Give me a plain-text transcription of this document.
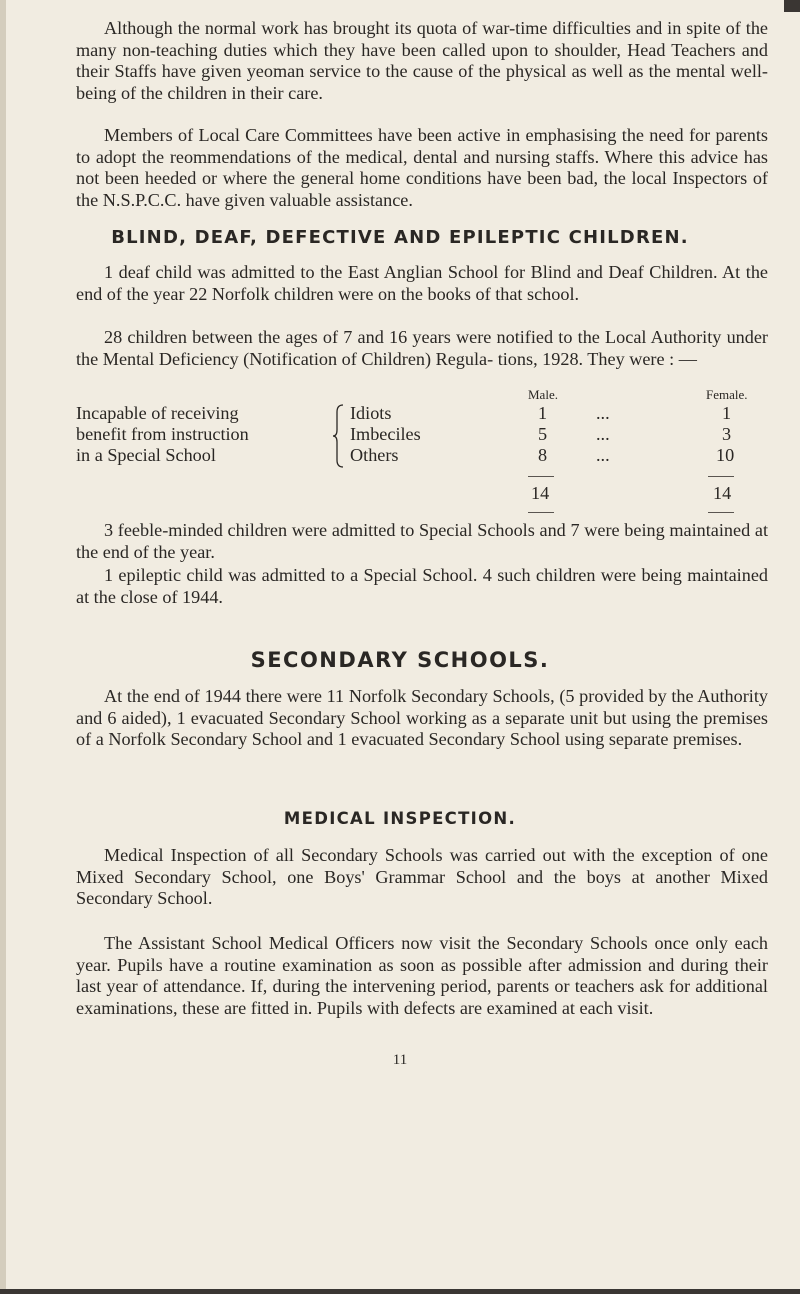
Although the normal work has brought its quota of war-time difficulties and in spite of the many non-teaching duties which they have been called upon to shoulder, Head Teachers and their Staffs have given yeoman service to the cause of the physical as well as the mental well-being of the children in their care.

Members of Local Care Committees have been active in emphasising the need for parents to adopt the reommendations of the medical, dental and nursing staffs. Where this advice has not been heeded or where the general home conditions have been bad, the local Inspectors of the N.S.P.C.C. have given valuable assistance.

BLIND, DEAF, DEFECTIVE AND EPILEPTIC CHILDREN.

1 deaf child was admitted to the East Anglian School for Blind and Deaf Children. At the end of the year 22 Norfolk children were on the books of that school.

28 children between the ages of 7 and 16 years were notified to the Local Authority under the Mental Deficiency (Notification of Children) Regula- tions, 1928. They were : —

Male.	Female.
Incapable of receiving
benefit from instruction
in a Special School
Idiots	1	...	1
Imbeciles	5	...	3
Others	8	...	10
14	14

3 feeble-minded children were admitted to Special Schools and 7 were being maintained at the end of the year.

1 epileptic child was admitted to a Special School. 4 such children were being maintained at the close of 1944.

SECONDARY SCHOOLS.

At the end of 1944 there were 11 Norfolk Secondary Schools, (5 provided by the Authority and 6 aided), 1 evacuated Secondary School working as a separate unit but using the premises of a Norfolk Secondary School and 1 evacuated Secondary School using separate premises.

MEDICAL INSPECTION.

Medical Inspection of all Secondary Schools was carried out with the exception of one Mixed Secondary School, one Boys' Grammar School and the boys at another Mixed Secondary School.

The Assistant School Medical Officers now visit the Secondary Schools once only each year. Pupils have a routine examination as soon as possible after admission and during their last year of attendance. If, during the intervening period, parents or teachers ask for additional examinations, these are fitted in. Pupils with defects are examined at each visit.

11
